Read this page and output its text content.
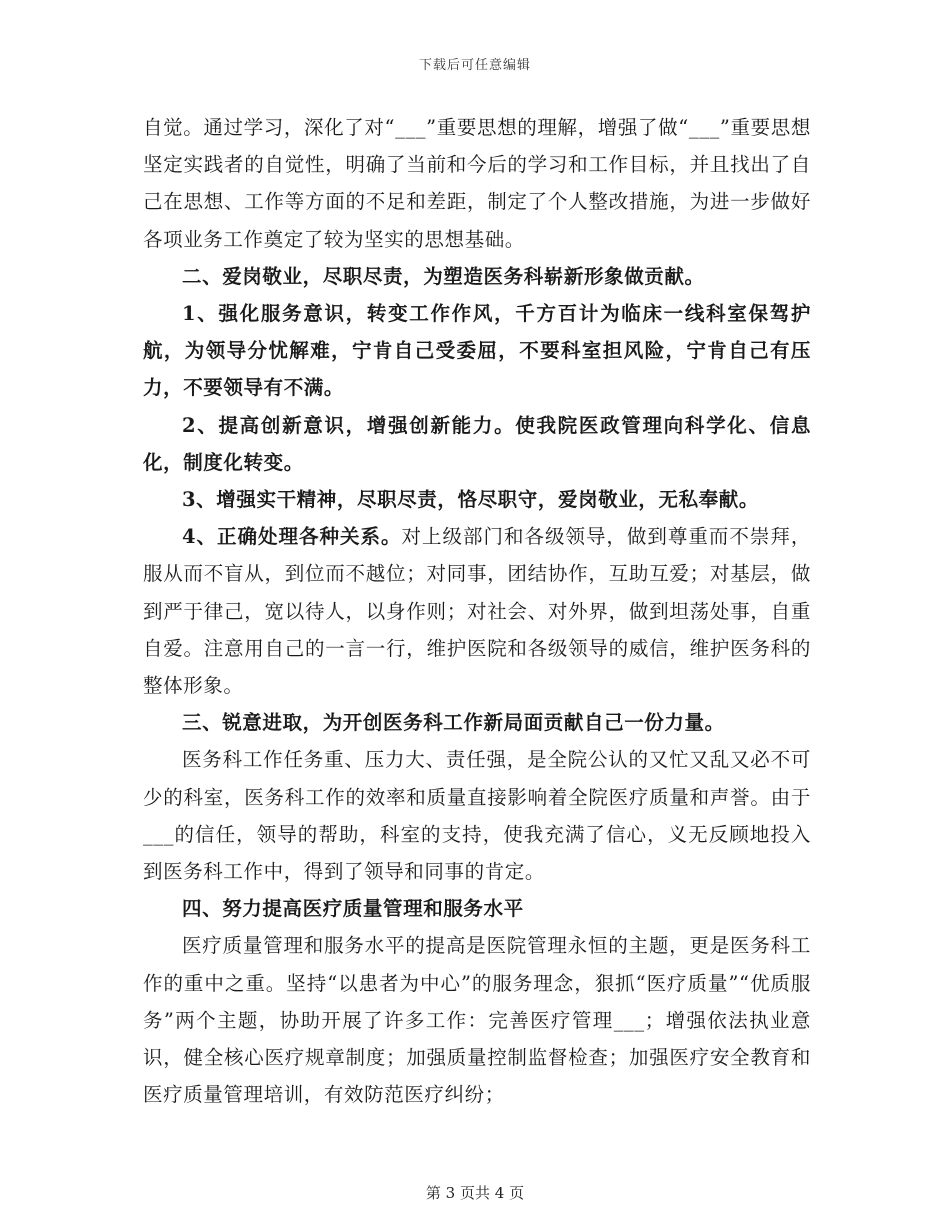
下载后可任意编辑

自觉。通过学习，深化了对“___”重要思想的理解，增强了做“___”重要思想坚定实践者的自觉性，明确了当前和今后的学习和工作目标，并且找出了自己在思想、工作等方面的不足和差距，制定了个人整改措施，为进一步做好各项业务工作奠定了较为坚实的思想基础。

二、爱岗敬业，尽职尽责，为塑造医务科崭新形象做贡献。

1、强化服务意识，转变工作作风，千方百计为临床一线科室保驾护航，为领导分忧解难，宁肯自己受委屈，不要科室担风险，宁肯自己有压力，不要领导有不满。

2、提高创新意识，增强创新能力。使我院医政管理向科学化、信息化，制度化转变。

3、增强实干精神，尽职尽责，恪尽职守，爱岗敬业，无私奉献。

4、正确处理各种关系。对上级部门和各级领导，做到尊重而不崇拜，服从而不盲从，到位而不越位；对同事，团结协作，互助互爱；对基层，做到严于律己，宽以待人，以身作则；对社会、对外界，做到坦荡处事，自重自爱。注意用自己的一言一行，维护医院和各级领导的威信，维护医务科的整体形象。

三、锐意进取，为开创医务科工作新局面贡献自己一份力量。

医务科工作任务重、压力大、责任强，是全院公认的又忙又乱又必不可少的科室，医务科工作的效率和质量直接影响着全院医疗质量和声誉。由于___的信任，领导的帮助，科室的支持，使我充满了信心，义无反顾地投入到医务科工作中，得到了领导和同事的肯定。

四、努力提高医疗质量管理和服务水平

医疗质量管理和服务水平的提高是医院管理永恒的主题，更是医务科工作的重中之重。坚持“以患者为中心”的服务理念，狠抓“医疗质量”“优质服务”两个主题，协助开展了许多工作：完善医疗管理___；增强依法执业意识，健全核心医疗规章制度；加强质量控制监督检查；加强医疗安全教育和医疗质量管理培训，有效防范医疗纠纷；

第 3 页共 4 页
